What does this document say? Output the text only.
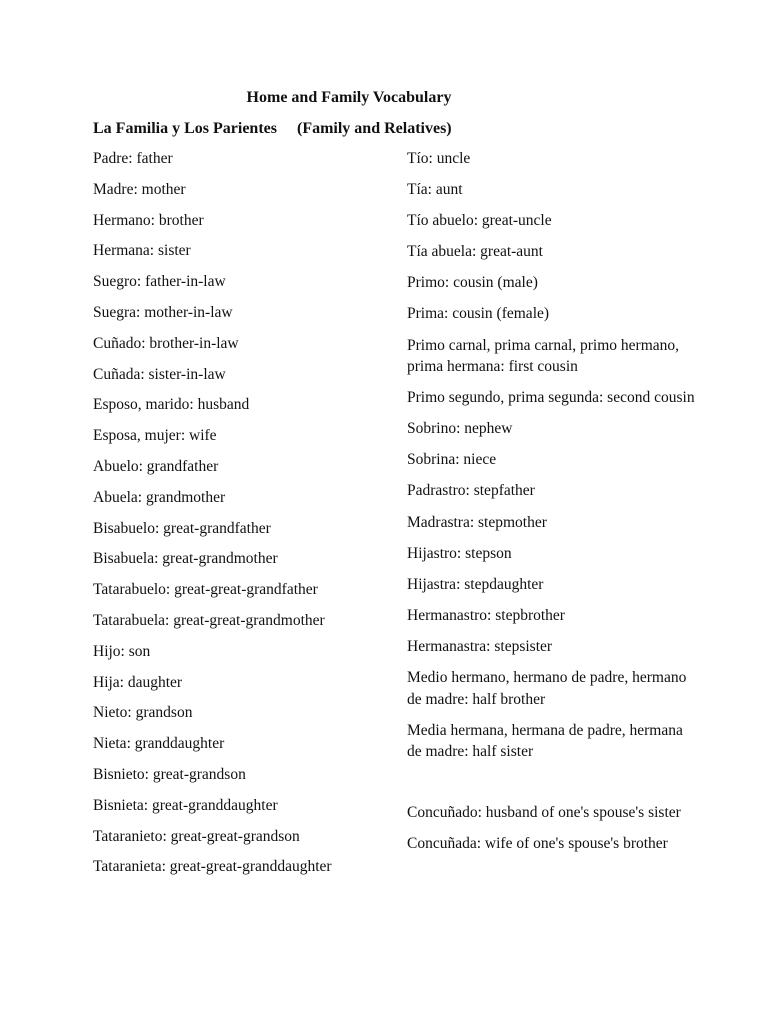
Home and Family Vocabulary
La Familia y Los Parientes (Family and Relatives)
Padre: father
Madre: mother
Hermano: brother
Hermana: sister
Suegro: father-in-law
Suegra: mother-in-law
Cuñado: brother-in-law
Cuñada: sister-in-law
Esposo, marido: husband
Esposa, mujer: wife
Abuelo: grandfather
Abuela: grandmother
Bisabuelo: great-grandfather
Bisabuela: great-grandmother
Tatarabuelo: great-great-grandfather
Tatarabuela: great-great-grandmother
Hijo: son
Hija: daughter
Nieto: grandson
Nieta: granddaughter
Bisnieto: great-grandson
Bisnieta: great-granddaughter
Tataranieto: great-great-grandson
Tataranieta: great-great-granddaughter
Tío: uncle
Tía: aunt
Tío abuelo: great-uncle
Tía abuela: great-aunt
Primo: cousin (male)
Prima: cousin (female)
Primo carnal, prima carnal, primo hermano, prima hermana: first cousin
Primo segundo, prima segunda: second cousin
Sobrino: nephew
Sobrina: niece
Padrastro: stepfather
Madrastra: stepmother
Hijastro: stepson
Hijastra: stepdaughter
Hermanastro: stepbrother
Hermanastra: stepsister
Medio hermano, hermano de padre, hermano de madre: half brother
Media hermana, hermana de padre, hermana de madre: half sister
Concuñado: husband of one's spouse's sister
Concuñada: wife of one's spouse's brother
